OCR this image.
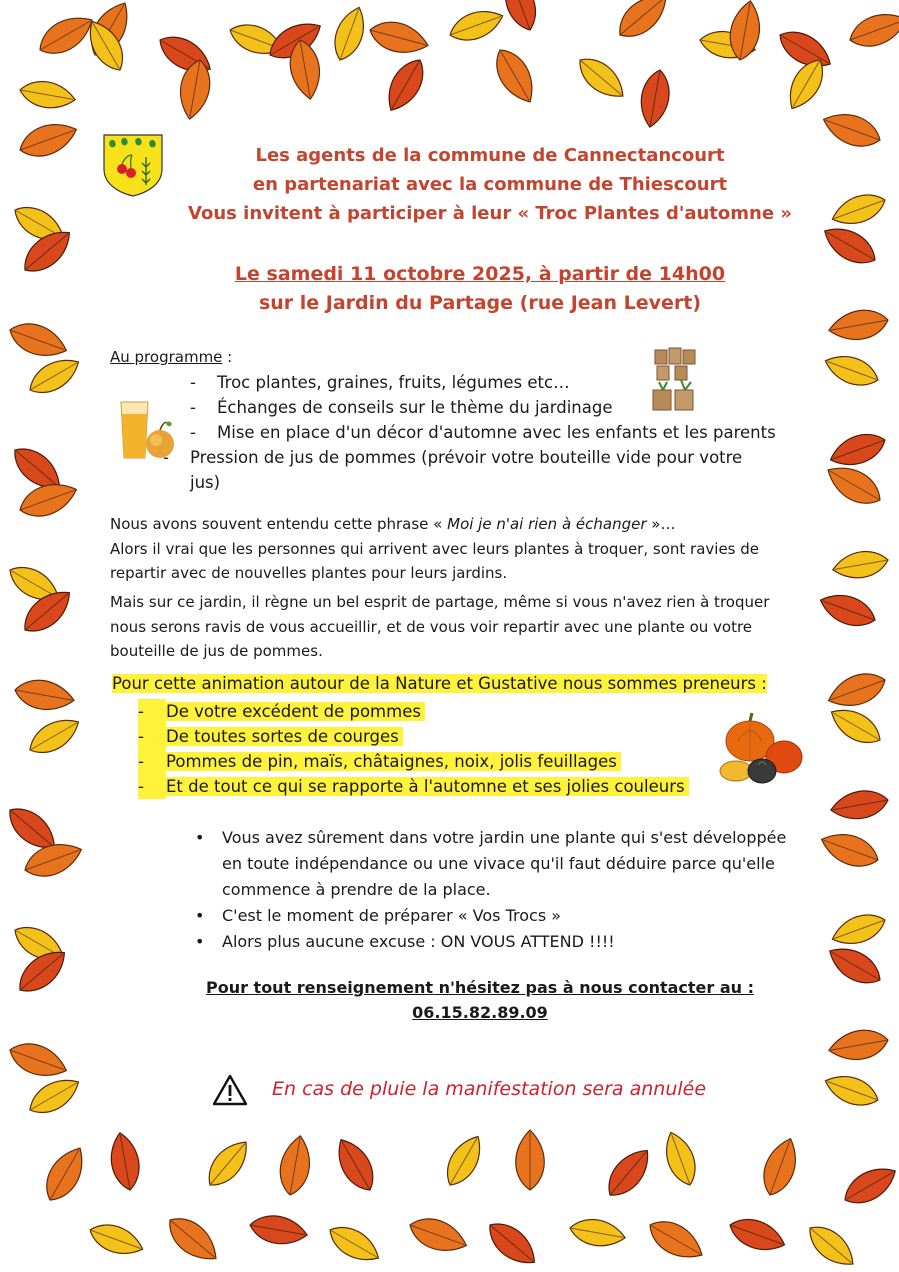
Les agents de la commune de Cannectancourt
en partenariat avec la commune de Thiescourt
Vous invitent à participer à leur « Troc Plantes d'automne »
Le samedi 11 octobre 2025, à partir de 14h00
sur le Jardin du Partage (rue Jean Levert)
Au programme :
- Troc plantes, graines, fruits, légumes etc…
- Échanges de conseils sur le thème du jardinage
- Mise en place d'un décor d'automne avec les enfants et les parents
- Pression de jus de pommes (prévoir votre bouteille vide pour votre jus)
Nous avons souvent entendu cette phrase « Moi je n'ai rien à échanger »…
Alors il vrai que les personnes qui arrivent avec leurs plantes à troquer, sont ravies de repartir avec de nouvelles plantes pour leurs jardins.
Mais sur ce jardin, il règne un bel esprit de partage, même si vous n'avez rien à troquer nous serons ravis de vous accueillir, et de vous voir repartir avec une plante ou votre bouteille de jus de pommes.
Pour cette animation autour de la Nature et Gustative nous sommes preneurs :
- De votre excédent de pommes
- De toutes sortes de courges
- Pommes de pin, maïs, châtaignes, noix, jolis feuillages
- Et de tout ce qui se rapporte à l'automne et ses jolies couleurs
• Vous avez sûrement dans votre jardin une plante qui s'est développée en toute indépendance ou une vivace qu'il faut déduire parce qu'elle commence à prendre de la place.
• C'est le moment de préparer « Vos Trocs »
• Alors plus aucune excuse : ON VOUS ATTEND !!!!
Pour tout renseignement n'hésitez pas à nous contacter au :
06.15.82.89.09
En cas de pluie la manifestation sera annulée
